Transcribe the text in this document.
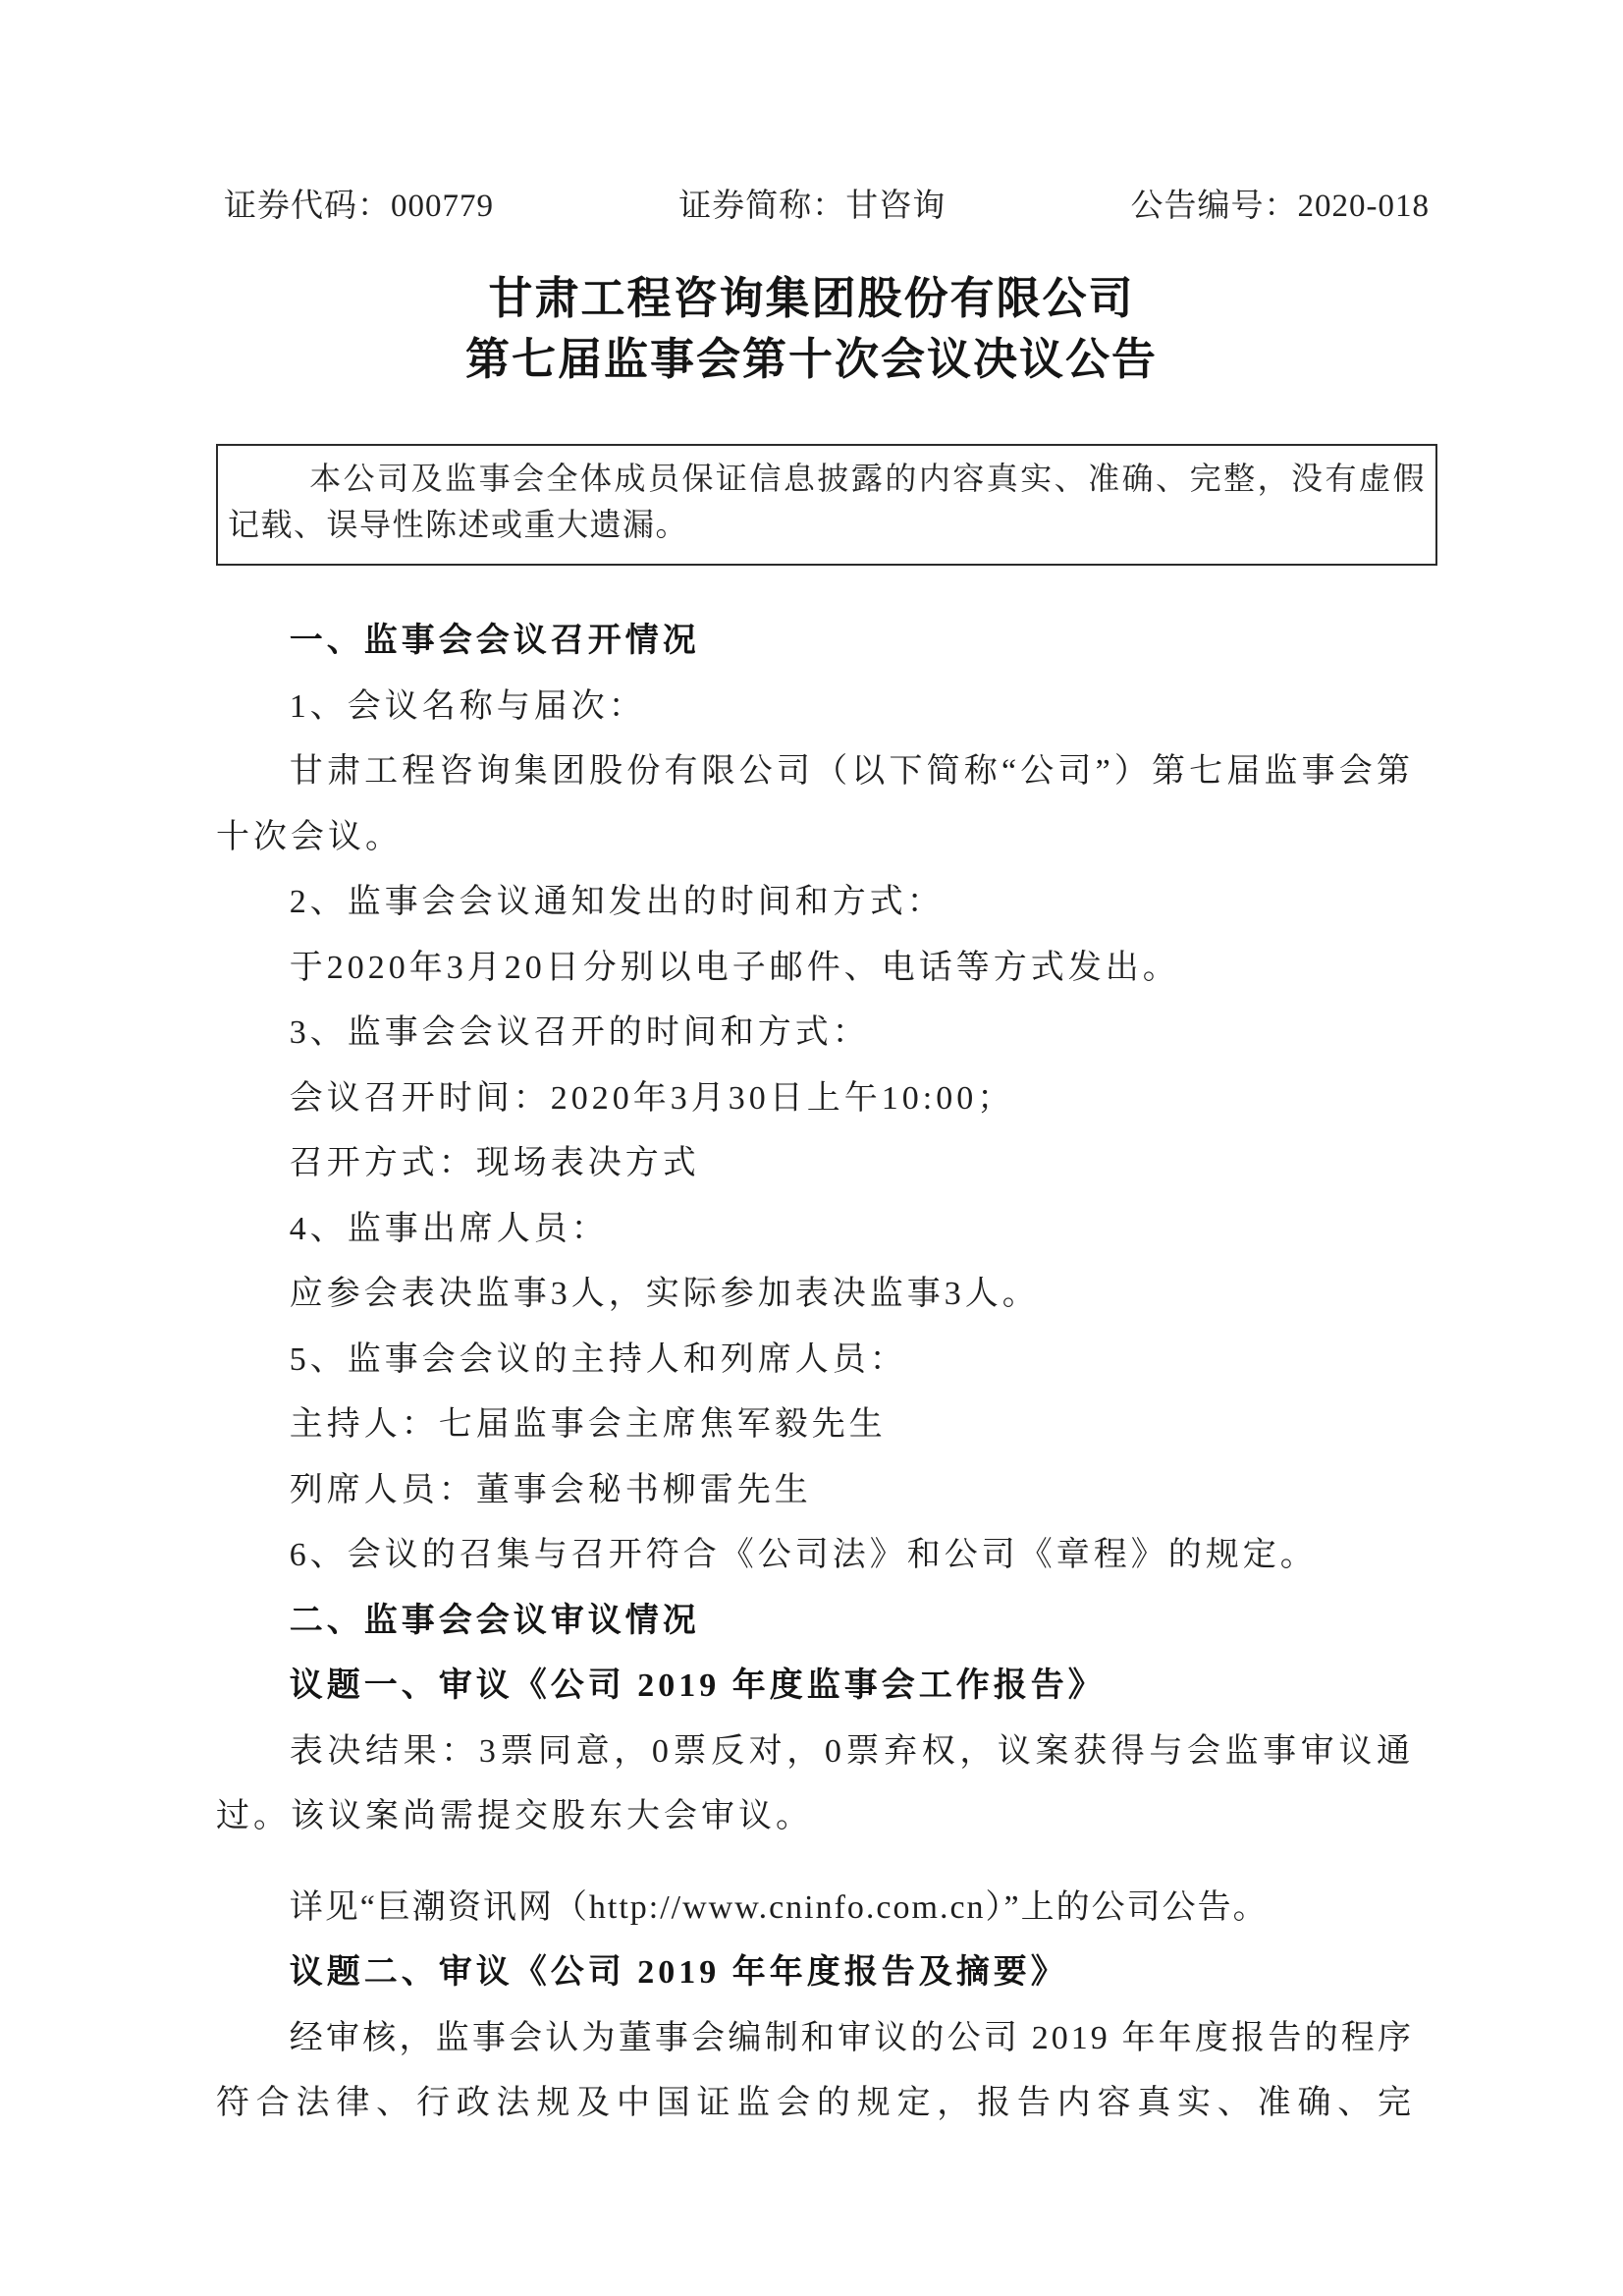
证券代码：000779	证券简称：甘咨询	公告编号：2020-018
甘肃工程咨询集团股份有限公司
第七届监事会第十次会议决议公告

本公司及监事会全体成员保证信息披露的内容真实、准确、完整，没有虚假记载、误导性陈述或重大遗漏。

一、监事会会议召开情况

1、会议名称与届次：

甘肃工程咨询集团股份有限公司（以下简称“公司”）第七届监事会第十次会议。

2、监事会会议通知发出的时间和方式：

于2020年3月20日分别以电子邮件、电话等方式发出。

3、监事会会议召开的时间和方式：

会议召开时间：2020年3月30日上午10:00；

召开方式：现场表决方式

4、监事出席人员：

应参会表决监事3人，实际参加表决监事3人。

5、监事会会议的主持人和列席人员：

主持人：七届监事会主席焦军毅先生

列席人员：董事会秘书柳雷先生

6、会议的召集与召开符合《公司法》和公司《章程》的规定。

二、监事会会议审议情况

议题一、审议《公司 2019 年度监事会工作报告》

表决结果：3票同意，0票反对，0票弃权，议案获得与会监事审议通过。该议案尚需提交股东大会审议。

详见“巨潮资讯网（http://www.cninfo.com.cn）”上的公司公告。

议题二、审议《公司 2019 年年度报告及摘要》

经审核，监事会认为董事会编制和审议的公司 2019 年年度报告的程序符合法律、行政法规及中国证监会的规定，报告内容真实、准确、完
